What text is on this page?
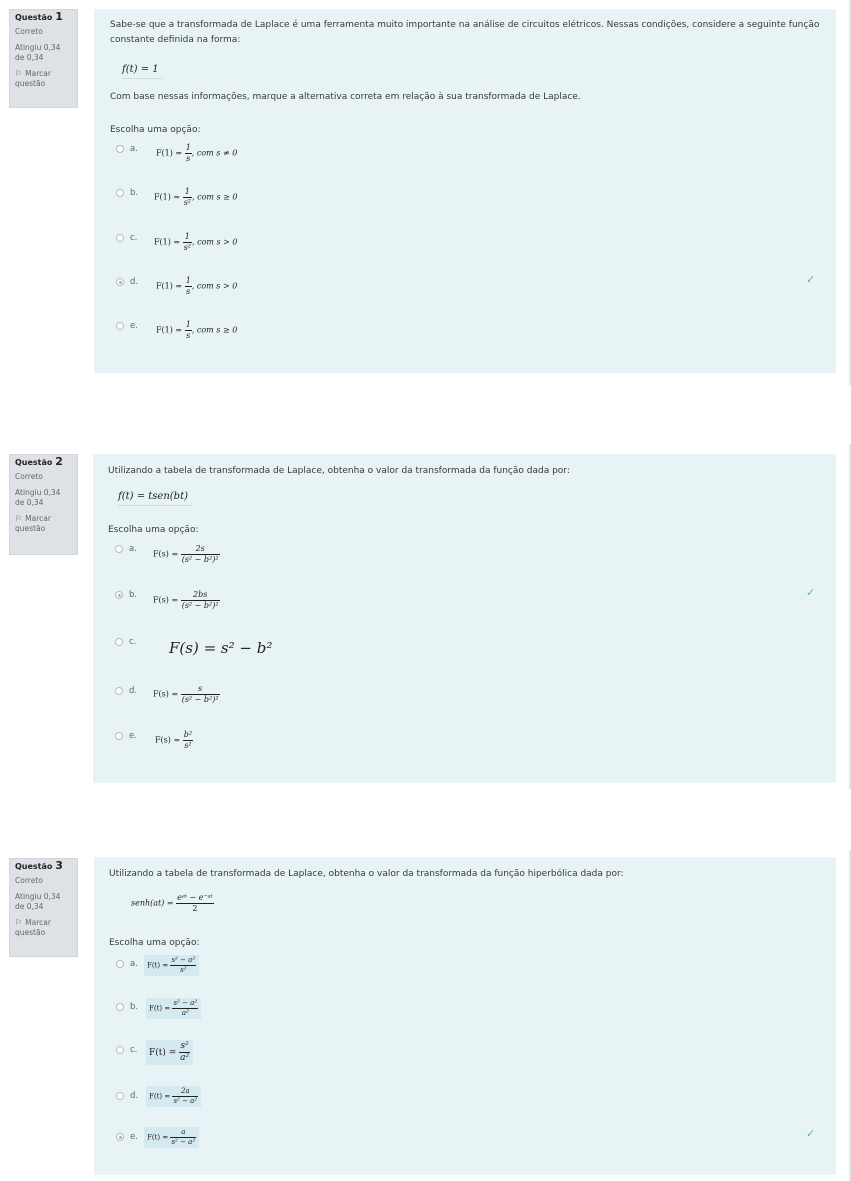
Questão 1
Correto
Atingiu 0,34 de 0,34
⚐ Marcar questão
Sabe-se que a transformada de Laplace é uma ferramenta muito importante na análise de circuitos elétricos. Nessas condições, considere a seguinte função constante definida na forma:
f(t) = 1
Com base nessas informações, marque a alternativa correta em relação à sua transformada de Laplace.
Escolha uma opção:
a. $F(1) = \frac{1}{s}$ , com s ≠ 0
b. $F(1) = \frac{1}{\text{s²}}$ , com s ≥ 0
c. $F(1) = \frac{1}{\text{s²}}$ , com s > 0
d. $F(1) = \frac{1}{s}$ , com s > 0	✓
e. $F(1) = \frac{1}{s}$ , com s ≥ 0
Questão 2
Correto
Atingiu 0,34 de 0,34
⚐ Marcar questão
Utilizando a tabela de transformada de Laplace, obtenha o valor da transformada da função dada por:
f(t) = tsen(bt)
Escolha uma opção:
a. $F(s) = \frac{2s}{\text{(s² − b²)²}}$
b. $F(s) = \frac{2bs}{\text{(s² − b²)²}}$	✓
c. F(s) = s² − b²
d. $F(s) = \frac{s}{\text{(s² − b²)²}}$
e. $F(s) = \frac{\text{b²}}{\text{s²}}$
Questão 3
Correto
Atingiu 0,34 de 0,34
⚐ Marcar questão
Utilizando a tabela de transformada de Laplace, obtenha o valor da transformada da função hiperbólica dada por:
senh(at) =
eᵃᵗ − e⁻ᵃᵗ
2
Escolha uma opção:
a.	$F(t) = \frac{\text{s² − a²}}{\text{s²}}$
b.	$F(t) = \frac{\text{s² − a²}}{\text{a²}}$
c.	$F(t) = \frac{\text{s²}}{\text{a²}}$
d.	$F(t) = \frac{2a}{\text{s² − a²}}$
e.	$F(t) = \frac{a}{\text{s² − a²}}$	✓
